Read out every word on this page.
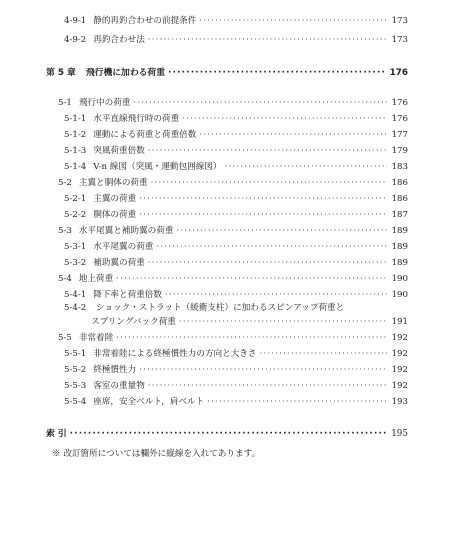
4-9-1 静的再釣合わせの前提条件 ·····	173
4-9-2 再釣合わせ法 ·····	173
第 5 章 飛行機に加わる荷重 ·····	176
5-1 飛行中の荷重 ·····	176
5-1-1 水平直線飛行時の荷重 ·····	176
5-1-2 運動による荷重と荷重倍数 ·····	177
5-1-3 突風荷重倍数 ·····	179
5-1-4 V-n 線図（突風・運動包囲線図） ·····	183
5-2 主翼と胴体の荷重 ·····	186
5-2-1 主翼の荷重 ·····	186
5-2-2 胴体の荷重 ·····	187
5-3 水平尾翼と補助翼の荷重 ·····	189
5-3-1 水平尾翼の荷重 ·····	189
5-3-2 補助翼の荷重 ·····	189
5-4 地上荷重 ·····	190
5-4-1 降下率と荷重倍数 ·····	190
5-4-2 ショック・ストラット（緩衝支柱）に加わるスピンアップ荷重と
スプリングバック荷重 ·····	191
5-5 非常着陸 ·····	192
5-5-1 非常着陸による終極慣性力の方向と大きさ ·····	192
5-5-2 終極慣性力 ·····	192
5-5-3 客室の重量物 ·····	192
5-5-4 座席，安全ベルト，肩ベルト ·····	193
索 引 ·····	195
※ 改訂箇所については欄外に縦線を入れてあります。
